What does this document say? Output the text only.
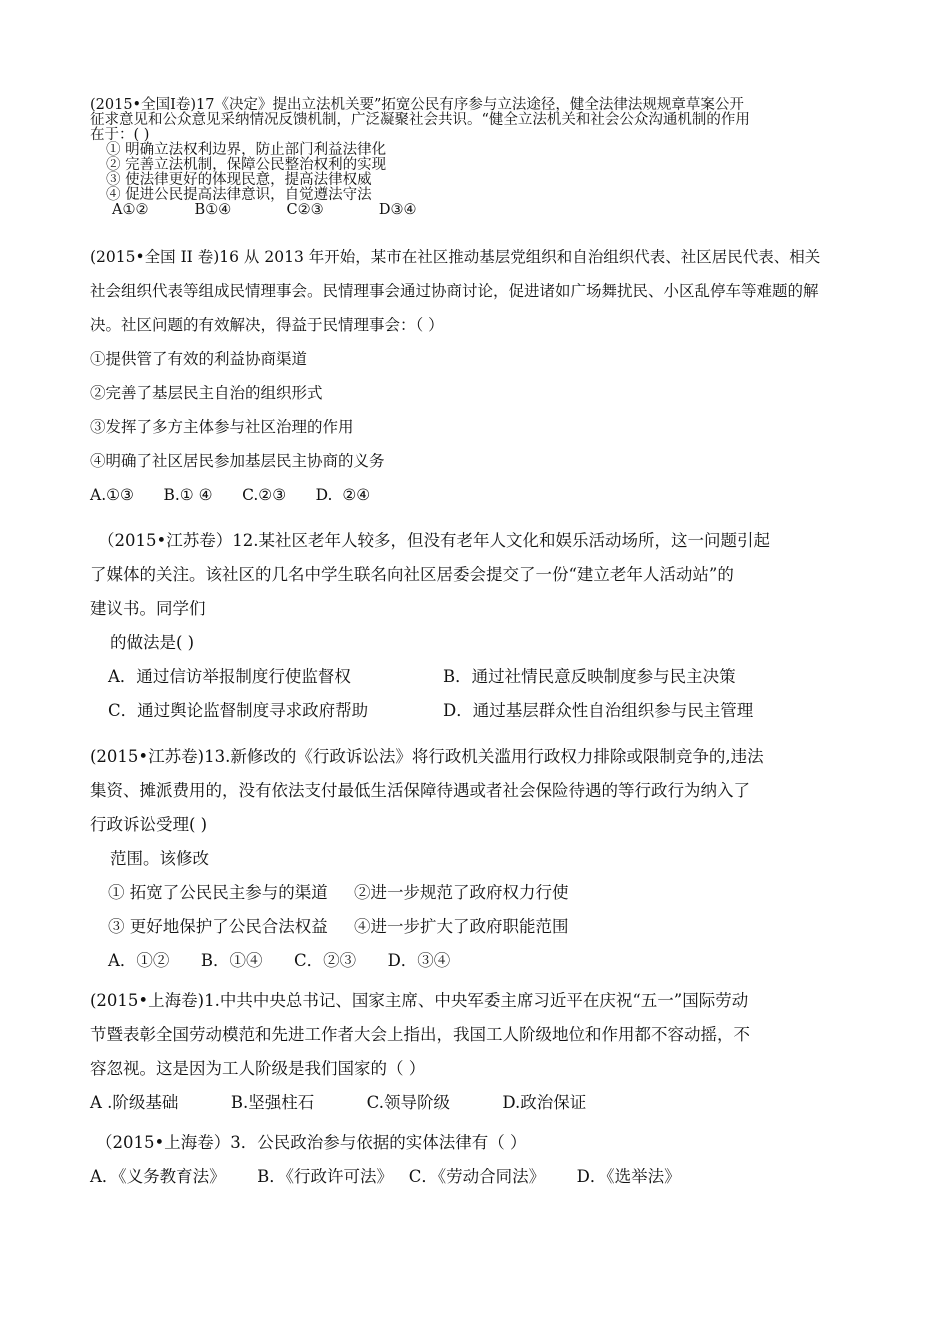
(2015•全国Ⅰ卷)17《决定》提出立法机关要”拓宽公民有序参与立法途径，健全法律法规规章草案公开
征求意见和公众意见采纳情况反馈机制，广泛凝聚社会共识。“健全立法机关和社会公众沟通机制的作用
在于：( )
① 明确立法权利边界，防止部门利益法律化
② 完善立法机制，保障公民整治权利的实现
③ 使法律更好的体现民意，提高法律权威
④ 促进公民提高法律意识，自觉遵法守法
A①②          B①④            C②③            D③④
(2015•全国 II 卷)16 从 2013 年开始，某市在社区推动基层党组织和自治组织代表、社区居民代表、相关
社会组织代表等组成民情理事会。民情理事会通过协商讨论，促进诸如广场舞扰民、小区乱停车等难题的解
决。社区问题的有效解决，得益于民情理事会：（ ）
①提供管了有效的利益协商渠道
②完善了基层民主自治的组织形式
③发挥了多方主体参与社区治理的作用
④明确了社区居民参加基层民主协商的义务
A.①③      B.① ④      C.②③      D.  ②④
（2015•江苏卷）12.某社区老年人较多，但没有老年人文化和娱乐活动场所，这一问题引起
了媒体的关注。该社区的几名中学生联名向社区居委会提交了一份“建立老年人活动站”的
建议书。同学们
的做法是( )
A．通过信访举报制度行使监督权	B．通过社情民意反映制度参与民主决策
C．通过舆论监督制度寻求政府帮助	D．通过基层群众性自治组织参与民主管理
(2015•江苏卷)13.新修改的《行政诉讼法》将行政机关滥用行政权力排除或限制竞争的,违法
集资、摊派费用的，没有依法支付最低生活保障待遇或者社会保险待遇的等行政行为纳入了
行政诉讼受理( )
范围。该修改
① 拓宽了公民民主参与的渠道     ②进一步规范了政府权力行使
③ 更好地保护了公民合法权益     ④进一步扩大了政府职能范围
A．①②      B．①④      C．②③      D．③④
(2015•上海卷)1.中共中央总书记、国家主席、中央军委主席习近平在庆祝“五一”国际劳动
节暨表彰全国劳动模范和先进工作者大会上指出，我国工人阶级地位和作用都不容动摇，不
容忽视。这是因为工人阶级是我们国家的（ ）
A .阶级基础          B.坚强柱石          C.领导阶级          D.政治保证
（2015•上海卷）3．公民政治参与依据的实体法律有（ ）
A．《义务教育法》      B．《行政许可法》   C．《劳动合同法》      D．《选举法》
